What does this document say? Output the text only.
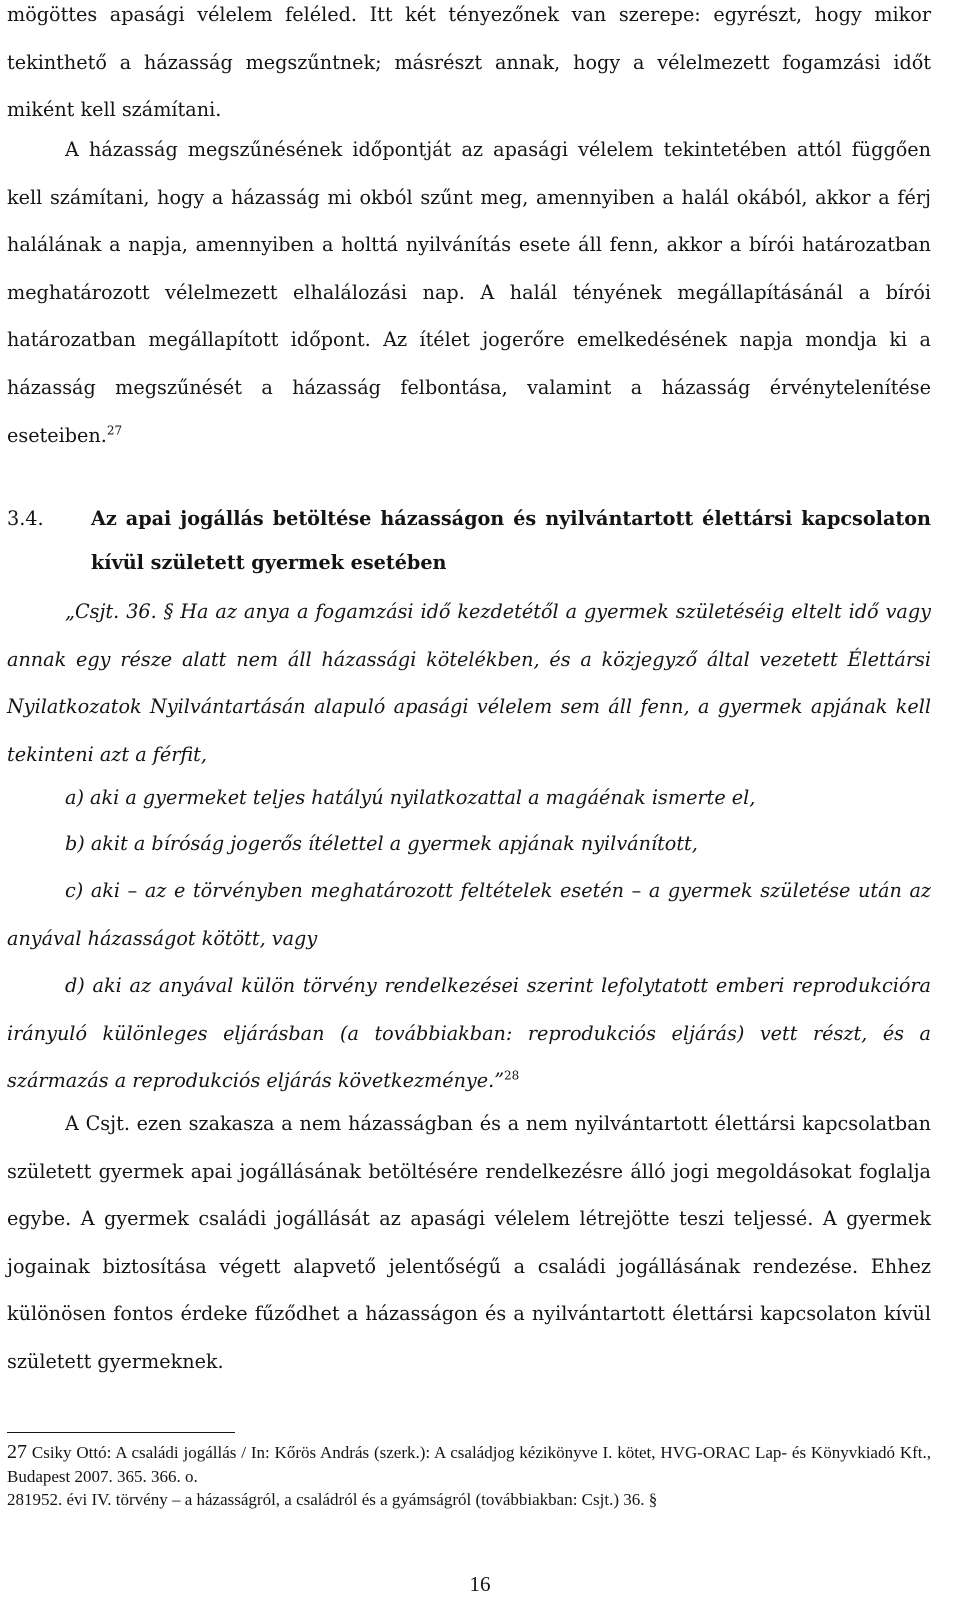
mögöttes apasági vélelem feléled. Itt két tényezőnek van szerepe: egyrészt, hogy mikor tekinthető a házasság megszűntnek; másrészt annak, hogy a vélelmezett fogamzási időt miként kell számítani.

A házasság megszűnésének időpontját az apasági vélelem tekintetében attól függően kell számítani, hogy a házasság mi okból szűnt meg, amennyiben a halál okából, akkor a férj halálának a napja, amennyiben a holttá nyilvánítás esete áll fenn, akkor a bírói határozatban meghatározott vélelmezett elhalálozási nap. A halál tényének megállapításánál a bírói határozatban megállapított időpont. Az ítélet jogerőre emelkedésének napja mondja ki a házasság megszűnését a házasság felbontása, valamint a házasság érvénytelenítése eseteiben.$^{27}$

3.4. Az apai jogállás betöltése házasságon és nyilvántartott élettársi kapcsolaton kívül született gyermek esetében

„Csjt. 36. § Ha az anya a fogamzási idő kezdetétől a gyermek születéséig eltelt idő vagy annak egy része alatt nem áll házassági kötelékben, és a közjegyző által vezetett Élettársi Nyilatkozatok Nyilvántartásán alapuló apasági vélelem sem áll fenn, a gyermek apjának kell tekinteni azt a férfit,

a) aki a gyermeket teljes hatályú nyilatkozattal a magáénak ismerte el,

b) akit a bíróság jogerős ítélettel a gyermek apjának nyilvánított,

c) aki – az e törvényben meghatározott feltételek esetén – a gyermek születése után az anyával házasságot kötött, vagy

d) aki az anyával külön törvény rendelkezései szerint lefolytatott emberi reprodukcióra irányuló különleges eljárásban (a továbbiakban: reprodukciós eljárás) vett részt, és a származás a reprodukciós eljárás következménye.”$^{28}$

A Csjt. ezen szakasza a nem házasságban és a nem nyilvántartott élettársi kapcsolatban született gyermek apai jogállásának betöltésére rendelkezésre álló jogi megoldásokat foglalja egybe. A gyermek családi jogállását az apasági vélelem létrejötte teszi teljessé. A gyermek jogainak biztosítása végett alapvető jelentőségű a családi jogállásának rendezése. Ehhez különösen fontos érdeke fűződhet a házasságon és a nyilvántartott élettársi kapcsolaton kívül született gyermeknek.

27 Csiky Ottó: A családi jogállás / In: Kőrös András (szerk.): A családjog kézikönyve I. kötet, HVG-ORAC Lap- és Könyvkiadó Kft., Budapest 2007. 365. 366. o.
281952. évi IV. törvény – a házasságról, a családról és a gyámságról (továbbiakban: Csjt.) 36. §
16
